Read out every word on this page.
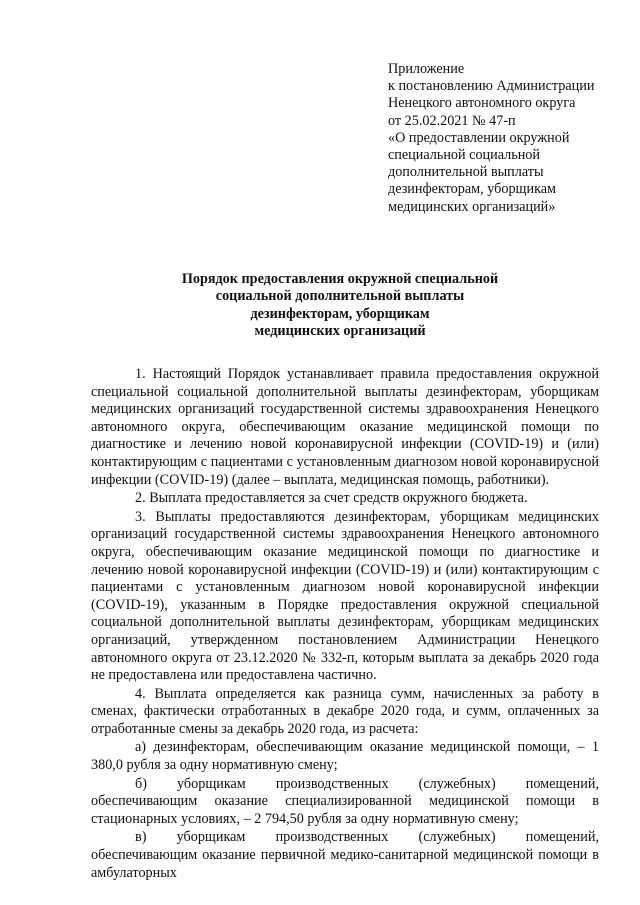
Приложение
к постановлению Администрации
Ненецкого автономного округа
от 25.02.2021 № 47-п
«О предоставлении окружной
специальной социальной
дополнительной выплаты
дезинфекторам, уборщикам
медицинских организаций»
Порядок предоставления окружной специальной
социальной дополнительной выплаты
дезинфекторам, уборщикам
медицинских организаций

1. Настоящий Порядок устанавливает правила предоставления окружной специальной социальной дополнительной выплаты дезинфекторам, уборщикам медицинских организаций государственной системы здравоохранения Ненецкого автономного округа, обеспечивающим оказание медицинской помощи по диагностике и лечению новой коронавирусной инфекции (COVID-19) и (или) контактирующим с пациентами с установленным диагнозом новой коронавирусной инфекции (COVID-19) (далее – выплата, медицинская помощь, работники).

2. Выплата предоставляется за счет средств окружного бюджета.

3. Выплаты предоставляются дезинфекторам, уборщикам медицинских организаций государственной системы здравоохранения Ненецкого автономного округа, обеспечивающим оказание медицинской помощи по диагностике и лечению новой коронавирусной инфекции (COVID-19) и (или) контактирующим с пациентами с установленным диагнозом новой коронавирусной инфекции (COVID-19), указанным в Порядке предоставления окружной специальной социальной дополнительной выплаты дезинфекторам, уборщикам медицинских организаций, утвержденном постановлением Администрации Ненецкого автономного округа от 23.12.2020 № 332-п, которым выплата за декабрь 2020 года не предоставлена или предоставлена частично.

4. Выплата определяется как разница сумм, начисленных за работу в сменах, фактически отработанных в декабре 2020 года, и сумм, оплаченных за отработанные смены за декабрь 2020 года, из расчета:

а) дезинфекторам, обеспечивающим оказание медицинской помощи, – 1 380,0 рубля за одну нормативную смену;

б) уборщикам производственных (служебных) помещений, обеспечивающим оказание специализированной медицинской помощи в стационарных условиях, – 2 794,50 рубля за одну нормативную смену;

в) уборщикам производственных (служебных) помещений, обеспечивающим оказание первичной медико-санитарной медицинской помощи в амбулаторных
